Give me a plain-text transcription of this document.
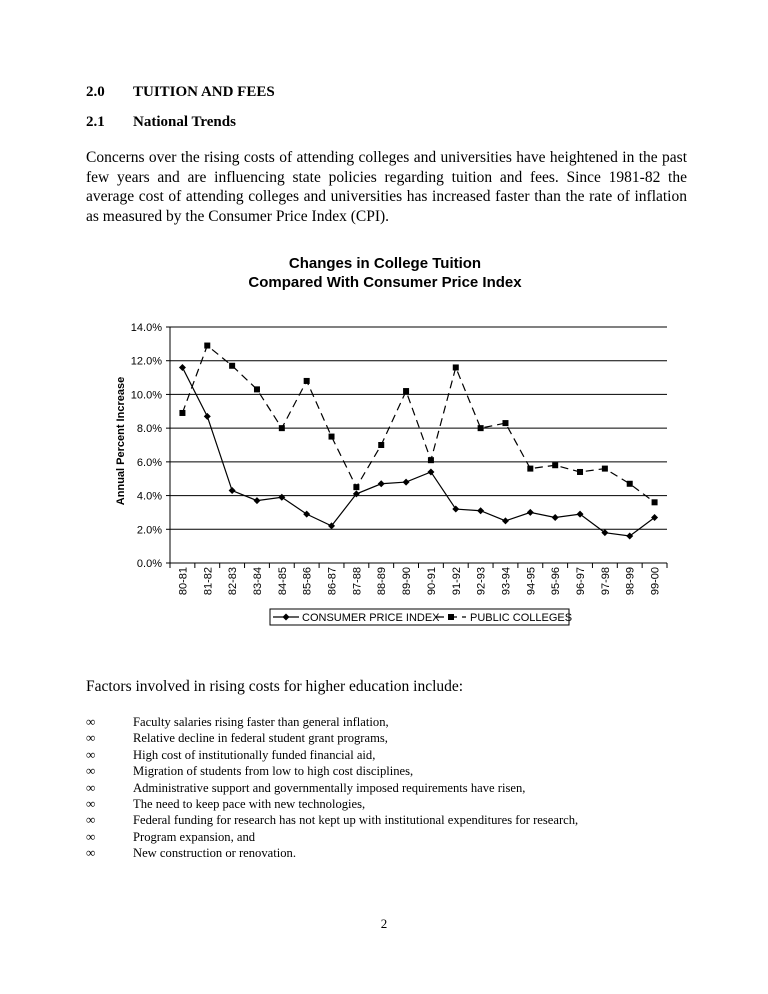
2.0 TUITION AND FEES
2.1 National Trends
Concerns over the rising costs of attending colleges and universities have heightened in the past few years and are influencing state policies regarding tuition and fees. Since 1981-82 the average cost of attending colleges and universities has increased faster than the rate of inflation as measured by the Consumer Price Index (CPI).
Changes in College Tuition
Compared With Consumer Price Index
0.0%
2.0%
4.0%
6.0%
8.0%
10.0%
12.0%
14.0%
80-81 81-82 82-83 83-84 84-85 85-86 86-87 87-88 88-89 89-90 90-91 91-92 92-93 93-94 94-95 95-96 96-97 97-98 98-99 99-00
Annual Percent Increase
CONSUMER PRICE INDEX	PUBLIC COLLEGES
Factors involved in rising costs for higher education include:
∞	Faculty salaries rising faster than general inflation,
∞	Relative decline in federal student grant programs,
∞	High cost of institutionally funded financial aid,
∞	Migration of students from low to high cost disciplines,
∞	Administrative support and governmentally imposed requirements have risen,
∞	The need to keep pace with new technologies,
∞	Federal funding for research has not kept up with institutional expenditures for research,
∞	Program expansion, and
∞	New construction or renovation.
2
